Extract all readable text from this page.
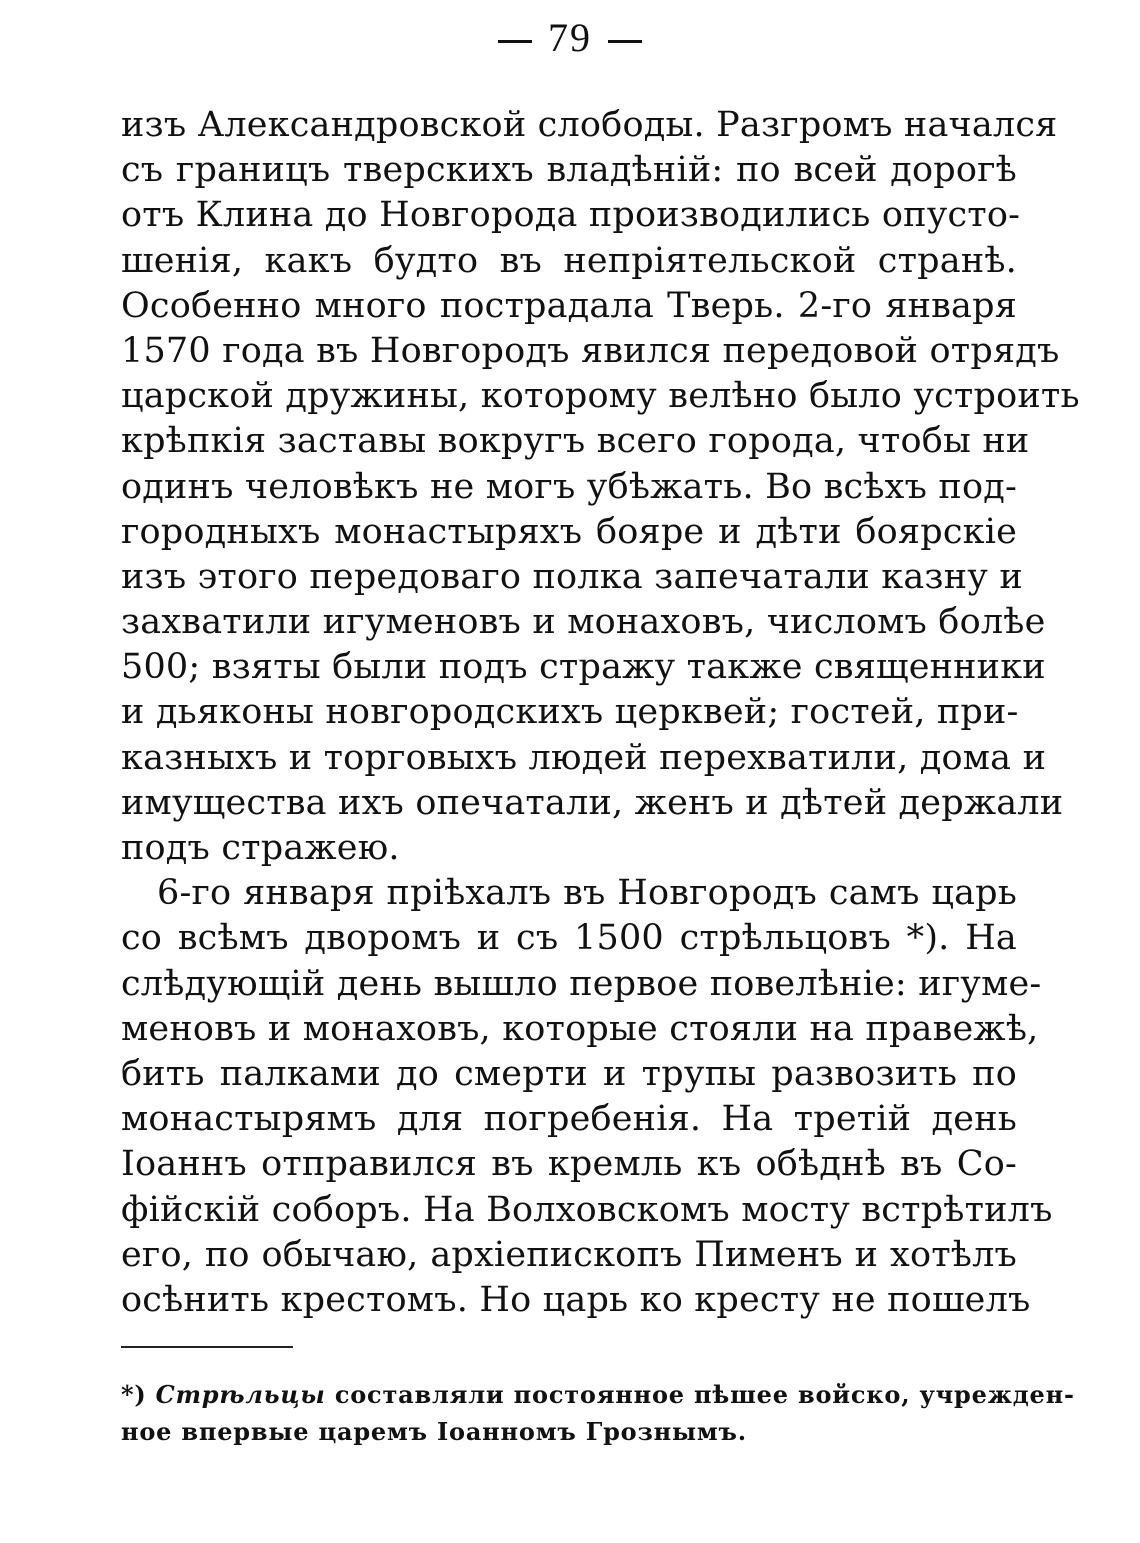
79
изъ Александровской слободы. Разгромъ начался
съ границъ тверскихъ владѣній: по всей дорогѣ
отъ Клина до Новгорода производились опусто-
шенія, какъ будто въ непріятельской странѣ.
Особенно много пострадала Тверь. 2-го января
1570 года въ Новгородъ явился передовой отрядъ
царской дружины, которому велѣно было устроить
крѣпкія заставы вокругъ всего города, чтобы ни
одинъ человѣкъ не могъ убѣжать. Во всѣхъ под-
городныхъ монастыряхъ бояре и дѣти боярскіе
изъ этого передоваго полка запечатали казну и
захватили игуменовъ и монаховъ, числомъ болѣе
500; взяты были подъ стражу также священники
и дьяконы новгородскихъ церквей; гостей, при-
казныхъ и торговыхъ людей перехватили, дома и
имущества ихъ опечатали, женъ и дѣтей держали
подъ стражею.
6-го января пріѣхалъ въ Новгородъ самъ царь
со всѣмъ дворомъ и съ 1500 стрѣльцовъ *). На
слѣдующій день вышло первое повелѣніе: игуме-
меновъ и монаховъ, которые стояли на правежѣ,
бить палками до смерти и трупы развозить по
монастырямъ для погребенія. На третій день
Іоаннъ отправился въ кремль къ обѣднѣ въ Со-
фійскій соборъ. На Волховскомъ мосту встрѣтилъ
его, по обычаю, архіепископъ Пименъ и хотѣлъ
осѣнить крестомъ. Но царь ко кресту не пошелъ
*) Стрѣльцы составляли постоянное пѣшее войско, учрежден-
ное впервые царемъ Іоанномъ Грознымъ.
